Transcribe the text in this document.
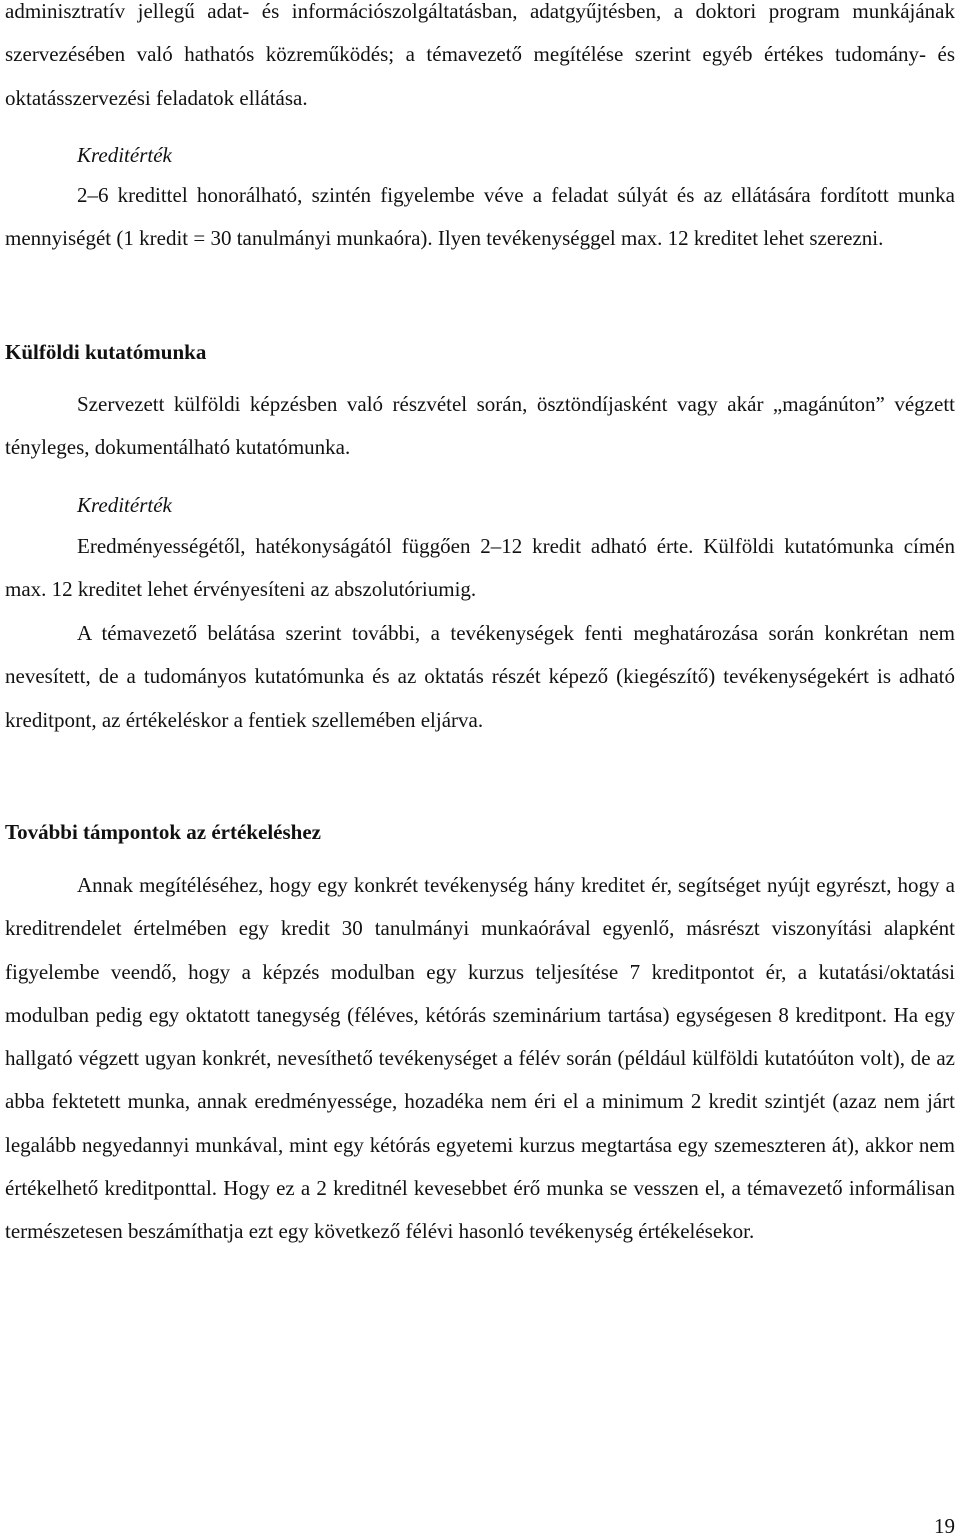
adminisztratív jellegű adat- és információszolgáltatásban, adatgyűjtésben, a doktori program munkájának szervezésében való hathatós közreműködés; a témavezető megítélése szerint egyéb értékes tudomány- és oktatásszervezési feladatok ellátása.

Kreditérték

2–6 kredittel honorálható, szintén figyelembe véve a feladat súlyát és az ellátására fordított munka mennyiségét (1 kredit = 30 tanulmányi munkaóra). Ilyen tevékenységgel max. 12 kreditet lehet szerezni.

Külföldi kutatómunka

Szervezett külföldi képzésben való részvétel során, ösztöndíjasként vagy akár „magánúton” végzett tényleges, dokumentálható kutatómunka.

Kreditérték

Eredményességétől, hatékonyságától függően 2–12 kredit adható érte. Külföldi kutatómunka címén max. 12 kreditet lehet érvényesíteni az abszolutóriumig.

A témavezető belátása szerint további, a tevékenységek fenti meghatározása során konkrétan nem nevesített, de a tudományos kutatómunka és az oktatás részét képező (kiegészítő) tevékenységekért is adható kreditpont, az értékeléskor a fentiek szellemében eljárva.

További támpontok az értékeléshez

Annak megítéléséhez, hogy egy konkrét tevékenység hány kreditet ér, segítséget nyújt egyrészt, hogy a kreditrendelet értelmében egy kredit 30 tanulmányi munkaórával egyenlő, másrészt viszonyítási alapként figyelembe veendő, hogy a képzés modulban egy kurzus teljesítése 7 kreditpontot ér, a kutatási/oktatási modulban pedig egy oktatott tanegység (féléves, kétórás szeminárium tartása) egységesen 8 kreditpont. Ha egy hallgató végzett ugyan konkrét, nevesíthető tevékenységet a félév során (például külföldi kutatóúton volt), de az abba fektetett munka, annak eredményessége, hozadéka nem éri el a minimum 2 kredit szintjét (azaz nem járt legalább negyedannyi munkával, mint egy kétórás egyetemi kurzus megtartása egy szemeszteren át), akkor nem értékelhető kreditponttal. Hogy ez a 2 kreditnél kevesebbet érő munka se vesszen el, a témavezető informálisan természetesen beszámíthatja ezt egy következő félévi hasonló tevékenység értékelésekor.

19
